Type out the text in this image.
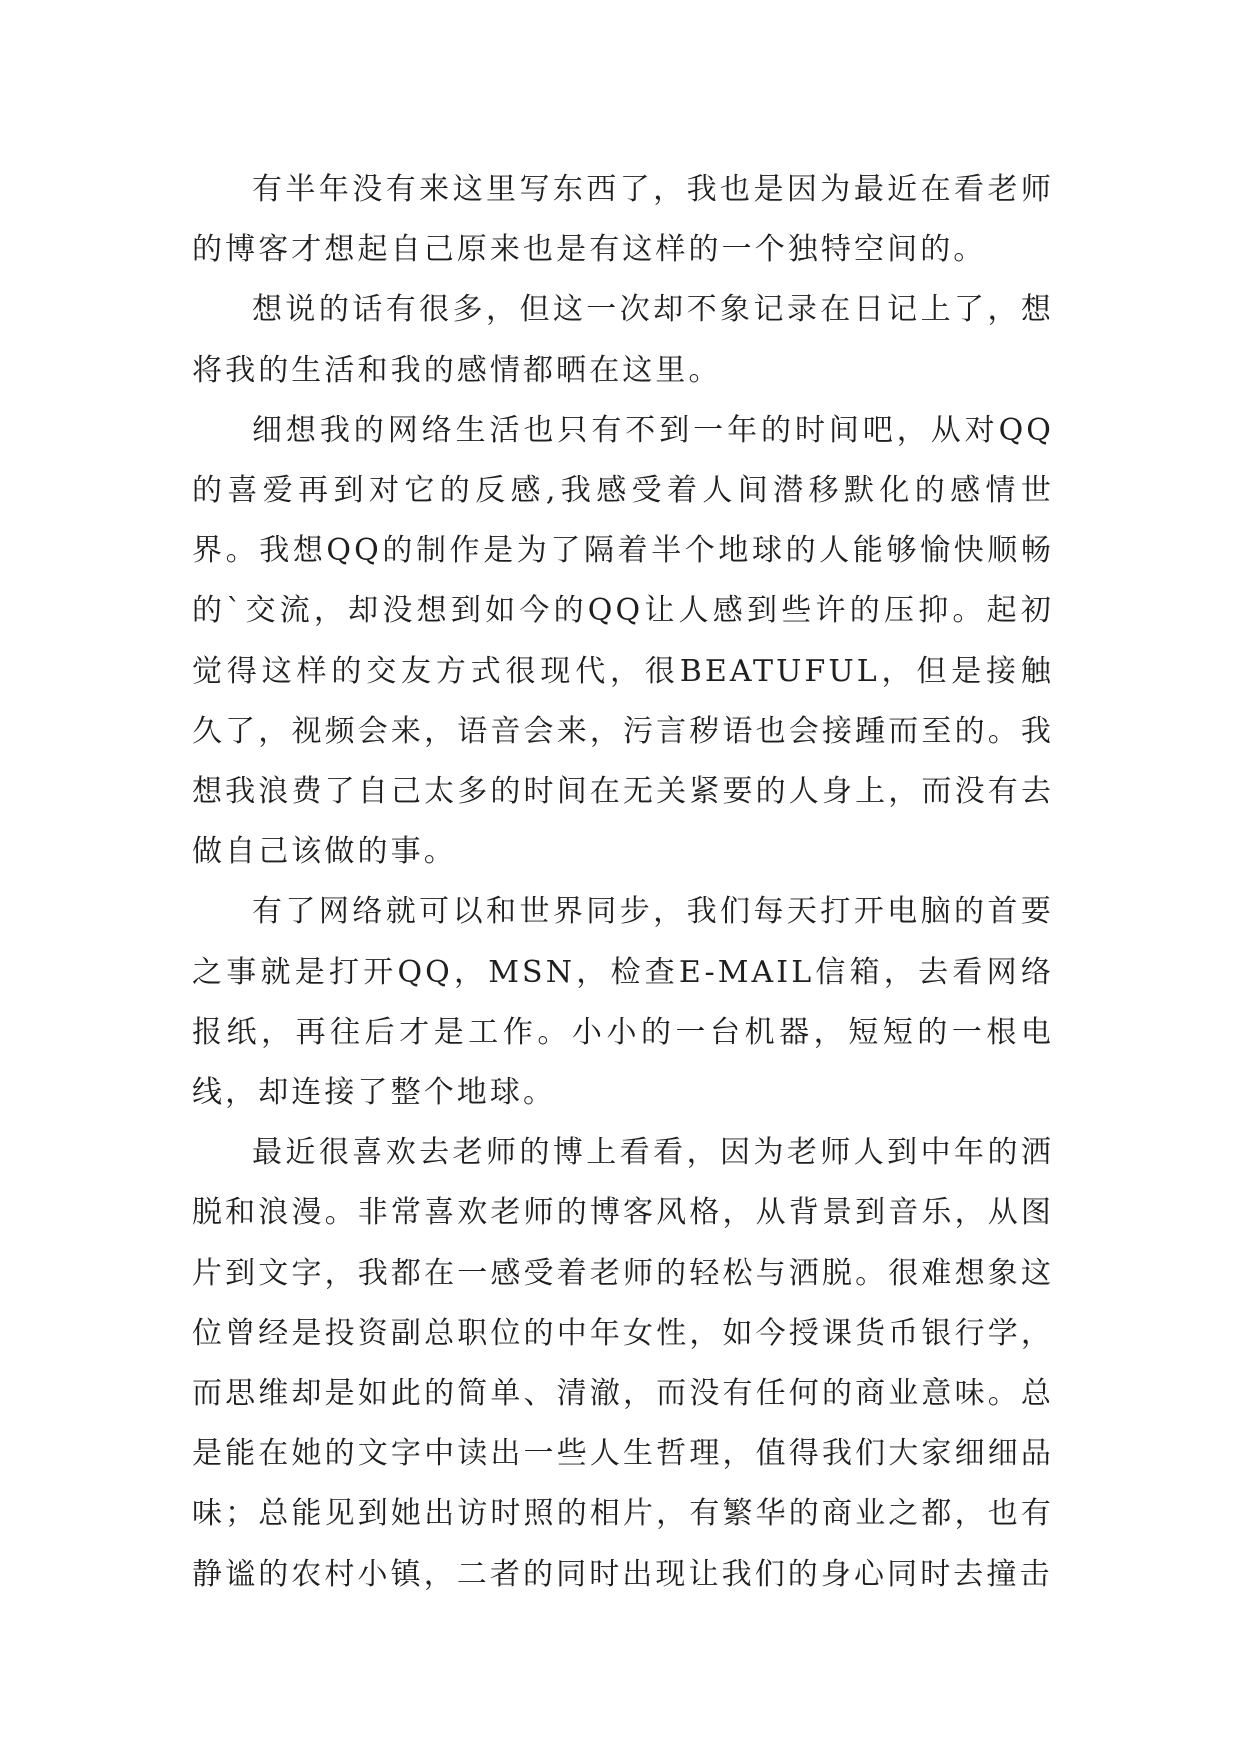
有半年没有来这里写东西了，我也是因为最近在看老师的博客才想起自己原来也是有这样的一个独特空间的。

想说的话有很多，但这一次却不象记录在日记上了，想将我的生活和我的感情都晒在这里。

细想我的网络生活也只有不到一年的时间吧，从对QQ的喜爱再到对它的反感,我感受着人间潜移默化的感情世界。我想QQ的制作是为了隔着半个地球的人能够愉快顺畅的`交流，却没想到如今的QQ让人感到些许的压抑。起初觉得这样的交友方式很现代，很BEATUFUL，但是接触久了，视频会来，语音会来，污言秽语也会接踵而至的。我想我浪费了自己太多的时间在无关紧要的人身上，而没有去做自己该做的事。

有了网络就可以和世界同步，我们每天打开电脑的首要之事就是打开QQ，MSN，检查E-MAIL信箱，去看网络报纸，再往后才是工作。小小的一台机器，短短的一根电线，却连接了整个地球。

最近很喜欢去老师的博上看看，因为老师人到中年的洒脱和浪漫。非常喜欢老师的博客风格，从背景到音乐，从图片到文字，我都在一感受着老师的轻松与洒脱。很难想象这位曾经是投资副总职位的中年女性，如今授课货币银行学，而思维却是如此的简单、清澈，而没有任何的商业意味。总是能在她的文字中读出一些人生哲理，值得我们大家细细品味；总能见到她出访时照的相片，有繁华的商业之都，也有静谧的农村小镇，二者的同时出现让我们的身心同时去撞击
